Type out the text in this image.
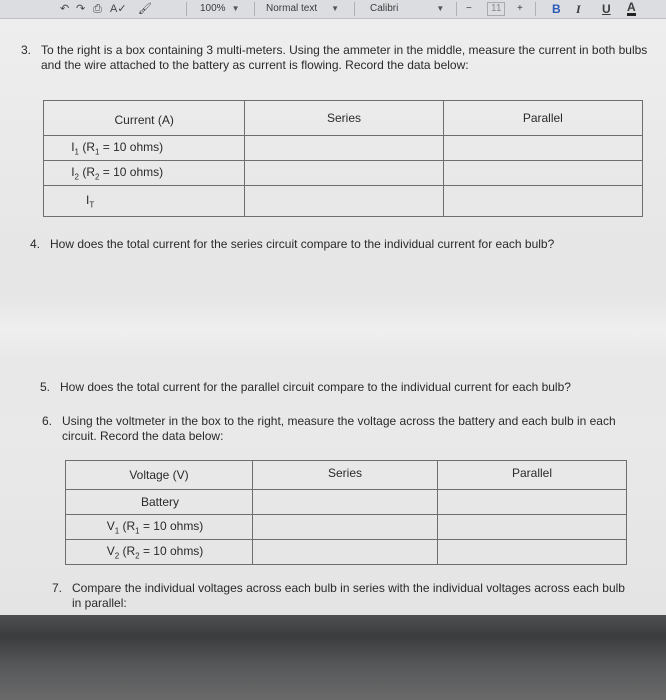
↶ ↷ ⎙ A✓ 🖌	100% ▼	Normal text ▼	Calibri	▼ −	11	+ B I U A
3. To the right is a box containing 3 multi-meters. Using the ammeter in the middle, measure the current in both bulbs and the wire attached to the battery as current is flowing. Record the data below:
Current (A)	Series	Parallel
$I_1$ ($R_1 = 10$ ohms)		
$I_2$ ($R_2 = 10$ ohms)		
$I_T$		
4. How does the total current for the series circuit compare to the individual current for each bulb?
5. How does the total current for the parallel circuit compare to the individual current for each bulb?
6. Using the voltmeter in the box to the right, measure the voltage across the battery and each bulb in each circuit. Record the data below:
Voltage (V)	Series	Parallel
Battery		
$V_1$ ($R_1 = 10$ ohms)		
$V_2$ ($R_2 = 10$ ohms)		
7. Compare the individual voltages across each bulb in series with the individual voltages across each bulb in parallel:
